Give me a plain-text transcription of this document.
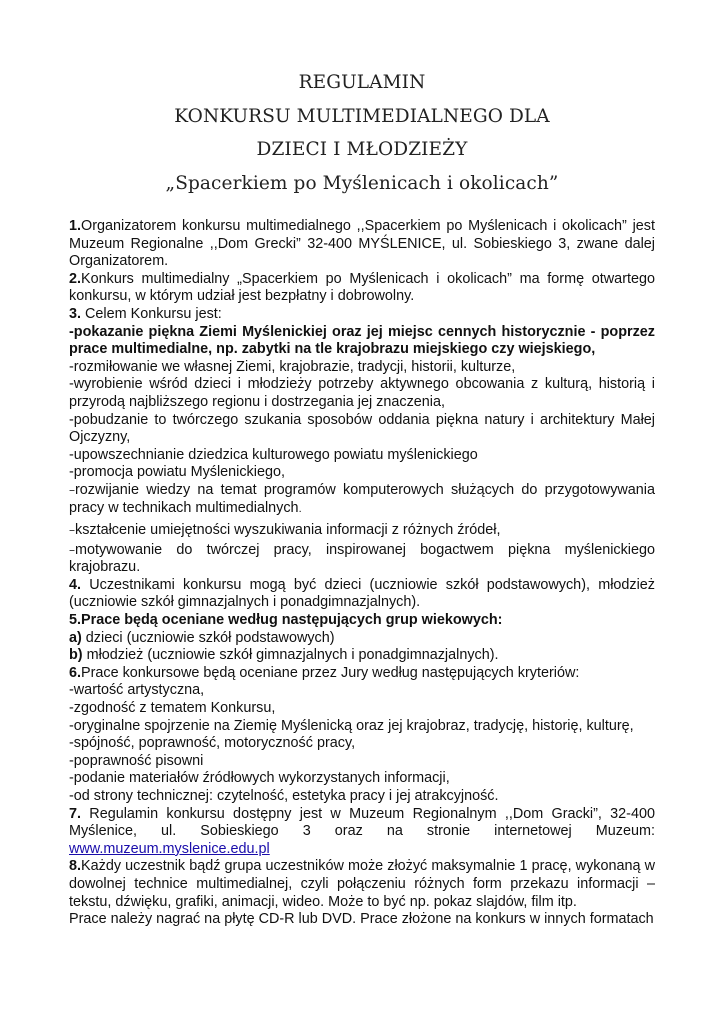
REGULAMIN
KONKURSU MULTIMEDIALNEGO DLA
DZIECI I MŁODZIEŻY
„Spacerkiem po Myślenicach i okolicach”

1.Organizatorem konkursu multimedialnego ,,Spacerkiem po Myślenicach i okolicach” jest Muzeum Regionalne ,,Dom Grecki” 32-400 MYŚLENICE, ul. Sobieskiego 3, zwane dalej Organizatorem.

2.Konkurs multimedialny „Spacerkiem po Myślenicach i okolicach” ma formę otwartego konkursu, w którym udział jest bezpłatny i dobrowolny.

3. Celem Konkursu jest:

-pokazanie piękna Ziemi Myślenickiej oraz jej miejsc cennych historycznie - poprzez prace multimedialne, np. zabytki na tle krajobrazu miejskiego czy wiejskiego,

-rozmiłowanie we własnej Ziemi, krajobrazie, tradycji, historii, kulturze,

-wyrobienie wśród dzieci i młodzieży potrzeby aktywnego obcowania z kulturą, historią i przyrodą najbliższego regionu i dostrzegania jej znaczenia,

-pobudzanie to twórczego szukania sposobów oddania piękna natury i architektury Małej Ojczyzny,

-upowszechnianie dziedzica kulturowego powiatu myślenickiego

-promocja powiatu Myślenickiego,

–rozwijanie wiedzy na temat programów komputerowych służących do przygotowywania pracy w technikach multimedialnych.

–kształcenie umiejętności wyszukiwania informacji z różnych źródeł,

–motywowanie do twórczej pracy, inspirowanej bogactwem piękna myślenickiego krajobrazu.

4. Uczestnikami konkursu mogą być dzieci (uczniowie szkół podstawowych), młodzież (uczniowie szkół gimnazjalnych i ponadgimnazjalnych).

5.Prace będą oceniane według następujących grup wiekowych:

a) dzieci (uczniowie szkół podstawowych)

b) młodzież (uczniowie szkół gimnazjalnych i ponadgimnazjalnych).

6.Prace konkursowe będą oceniane przez Jury według następujących kryteriów:

-wartość artystyczna,

-zgodność z tematem Konkursu,

-oryginalne spojrzenie na Ziemię Myślenicką oraz jej krajobraz, tradycję, historię, kulturę,

-spójność, poprawność, motoryczność pracy,

-poprawność pisowni

-podanie materiałów źródłowych wykorzystanych informacji,

-od strony technicznej: czytelność, estetyka pracy i jej atrakcyjność.

7. Regulamin konkursu dostępny jest w Muzeum Regionalnym ,,Dom Gracki”, 32-400 Myślenice, ul. Sobieskiego 3 oraz na stronie internetowej Muzeum: www.muzeum.myslenice.edu.pl

8.Każdy uczestnik bądź grupa uczestników może złożyć maksymalnie 1 pracę, wykonaną w dowolnej technice multimedialnej, czyli połączeniu różnych form przekazu informacji – tekstu, dźwięku, grafiki, animacji, wideo. Może to być np. pokaz slajdów, film itp.

Prace należy nagrać na płytę CD-R lub DVD. Prace złożone na konkurs w innych formatach
